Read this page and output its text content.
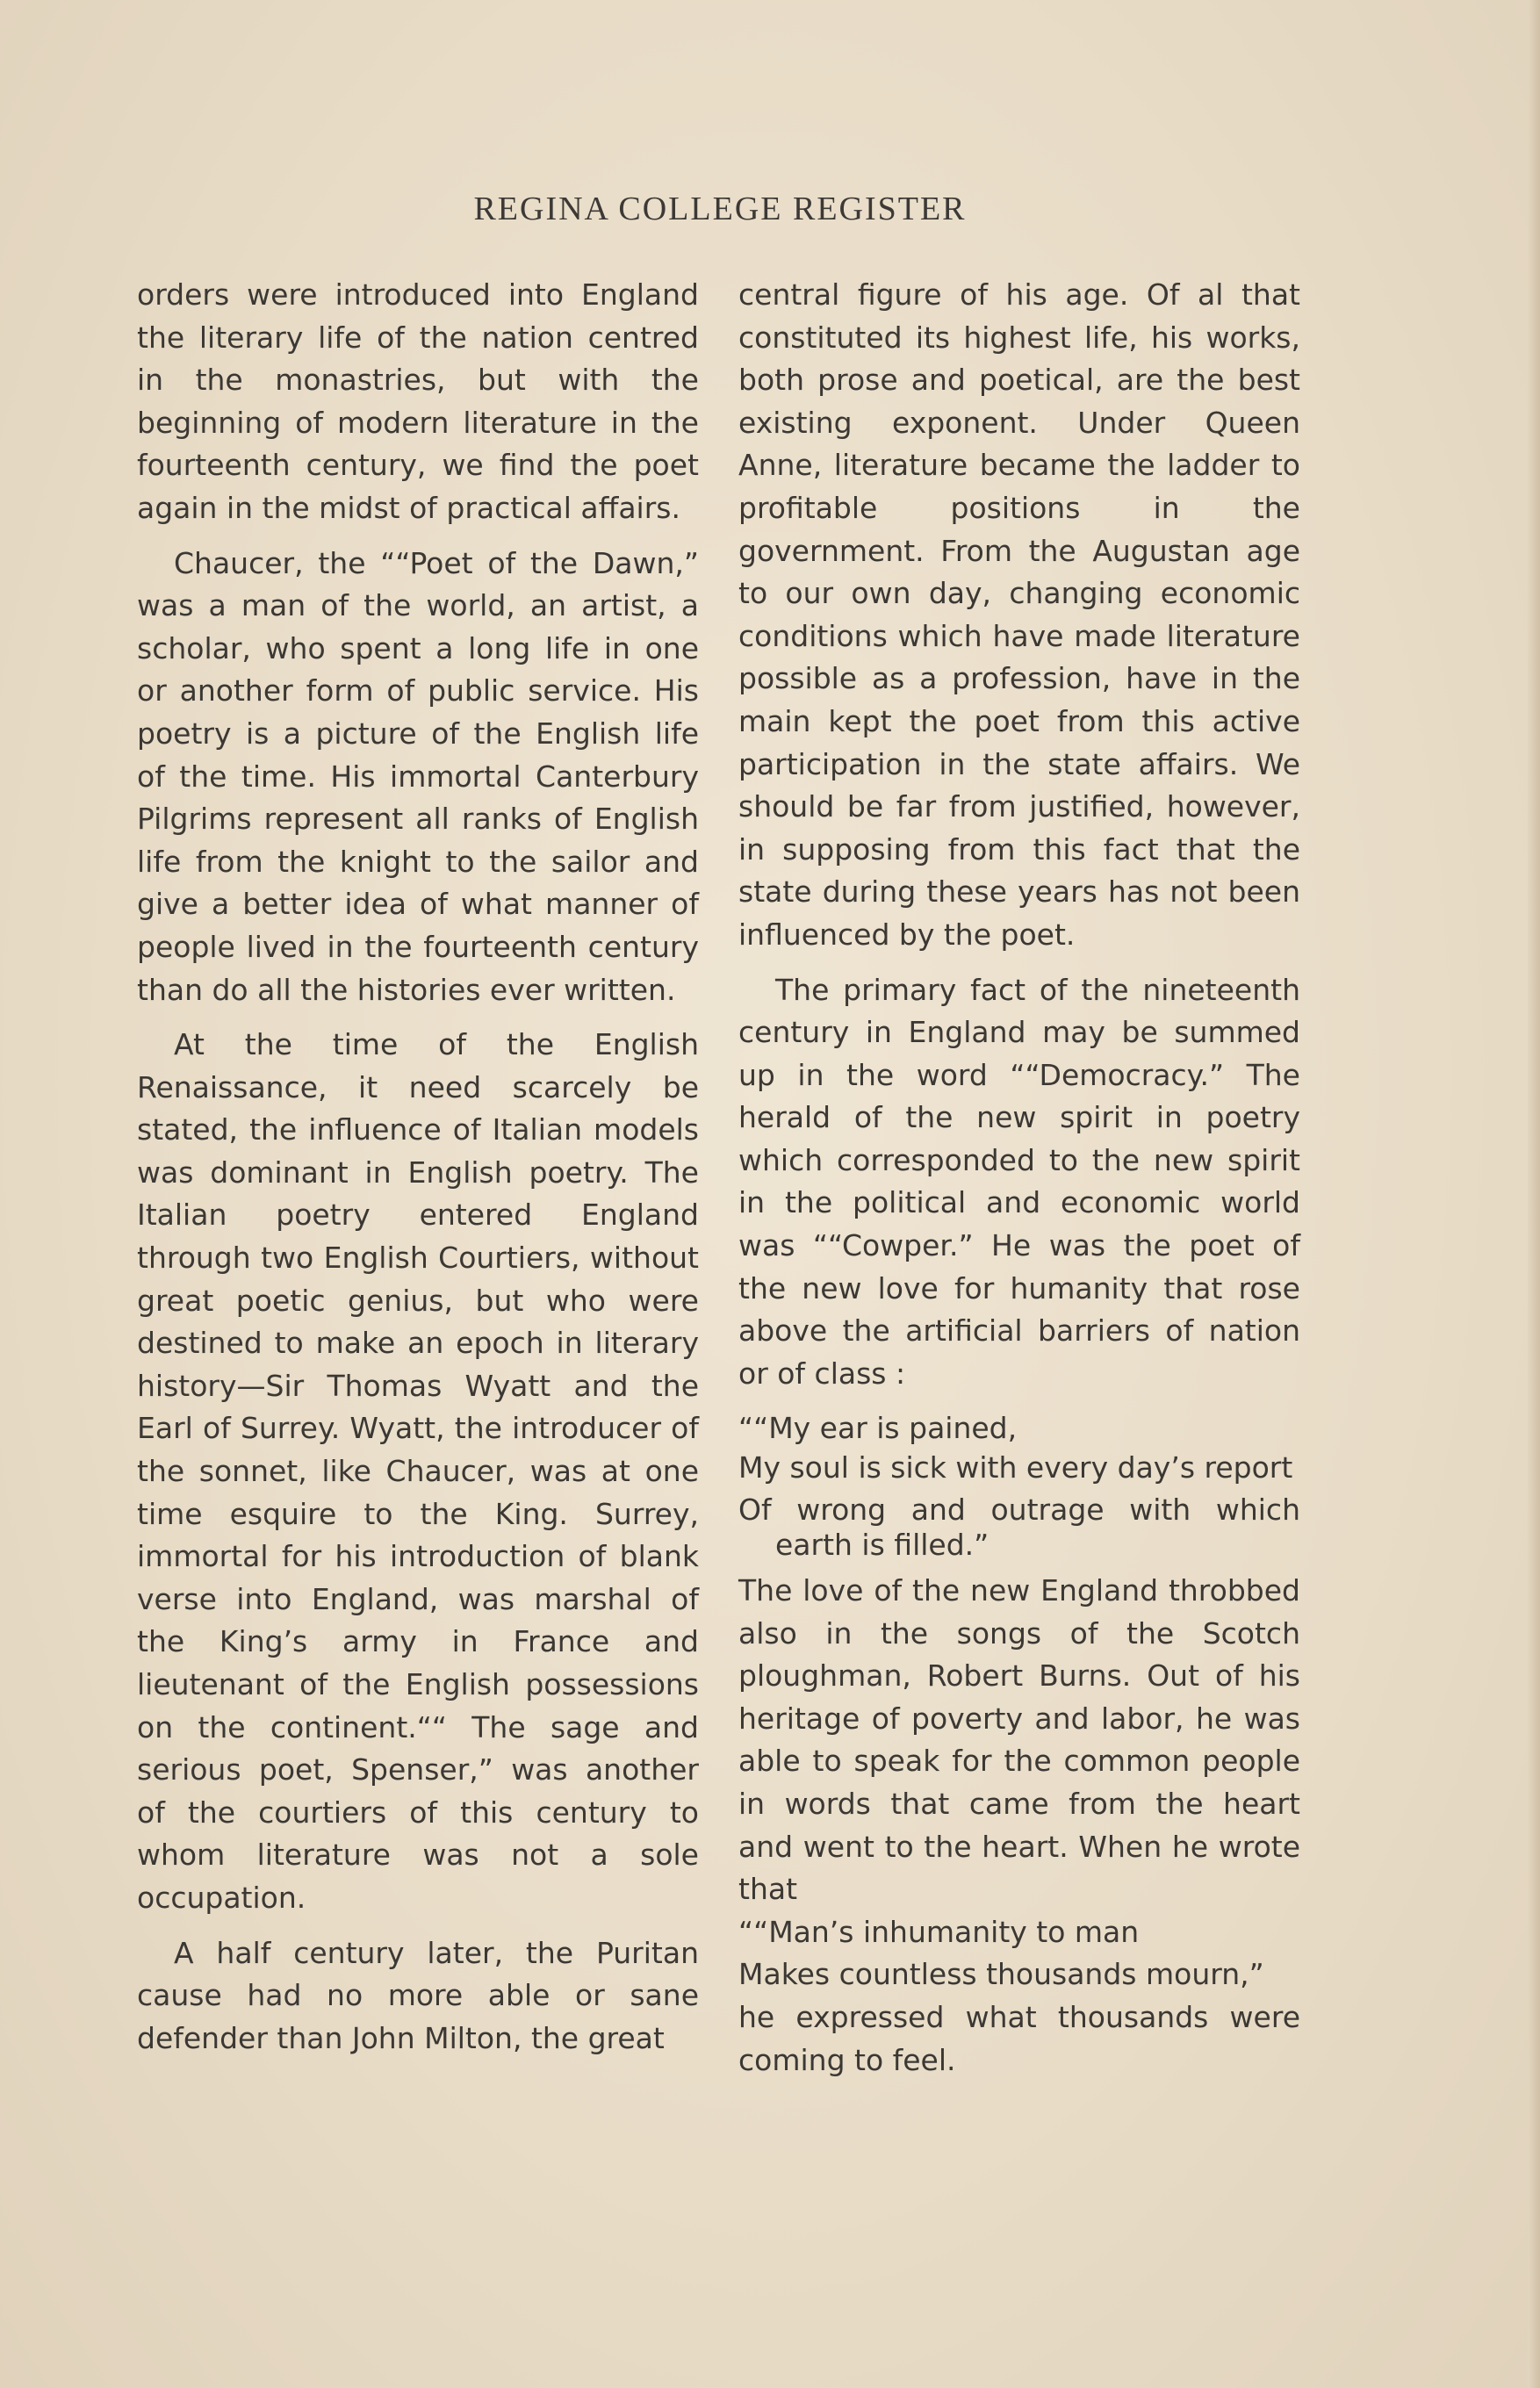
REGINA COLLEGE REGISTER

orders were introduced into England the literary life of the nation centred in the monastries, but with the beginning of modern literature in the fourteenth century, we find the poet again in the midst of practical affairs.

Chaucer, the ““Poet of the Dawn,” was a man of the world, an artist, a scholar, who spent a long life in one or another form of public service. His poetry is a picture of the English life of the time. His immortal Canterbury Pilgrims represent all ranks of English life from the knight to the sailor and give a better idea of what manner of people lived in the fourteenth century than do all the histories ever written.

At the time of the English Renaissance, it need scarcely be stated, the influence of Italian models was dominant in English poetry. The Italian poetry entered England through two English Courtiers, without great poetic genius, but who were destined to make an epoch in literary history—Sir Thomas Wyatt and the Earl of Surrey. Wyatt, the introducer of the sonnet, like Chaucer, was at one time esquire to the King. Surrey, immortal for his introduction of blank verse into England, was marshal of the King’s army in France and lieutenant of the English possessions on the continent.““ The sage and serious poet, Spenser,” was another of the courtiers of this century to whom literature was not a sole occupation.

A half century later, the Puritan cause had no more able or sane defender than John Milton, the great

central figure of his age. Of al that constituted its highest life, his works, both prose and poetical, are the best existing exponent. Under Queen Anne, literature became the ladder to profitable positions in the government. From the Augustan age to our own day, changing economic conditions which have made literature possible as a profession, have in the main kept the poet from this active participation in the state affairs. We should be far from justified, however, in supposing from this fact that the state during these years has not been influenced by the poet.

The primary fact of the nineteenth century in England may be summed up in the word ““Democracy.” The herald of the new spirit in poetry which corresponded to the new spirit in the political and economic world was ““Cowper.” He was the poet of the new love for humanity that rose above the artificial barriers of nation or of class :

““My ear is pained,

My soul is sick with every day’s report

Of wrong and outrage with which earth is filled.”

The love of the new England throbbed also in the songs of the Scotch ploughman, Robert Burns. Out of his heritage of poverty and labor, he was able to speak for the common people in words that came from the heart and went to the heart. When he wrote that

““Man’s inhumanity to man

Makes countless thousands mourn,”

he expressed what thousands were coming to feel.
